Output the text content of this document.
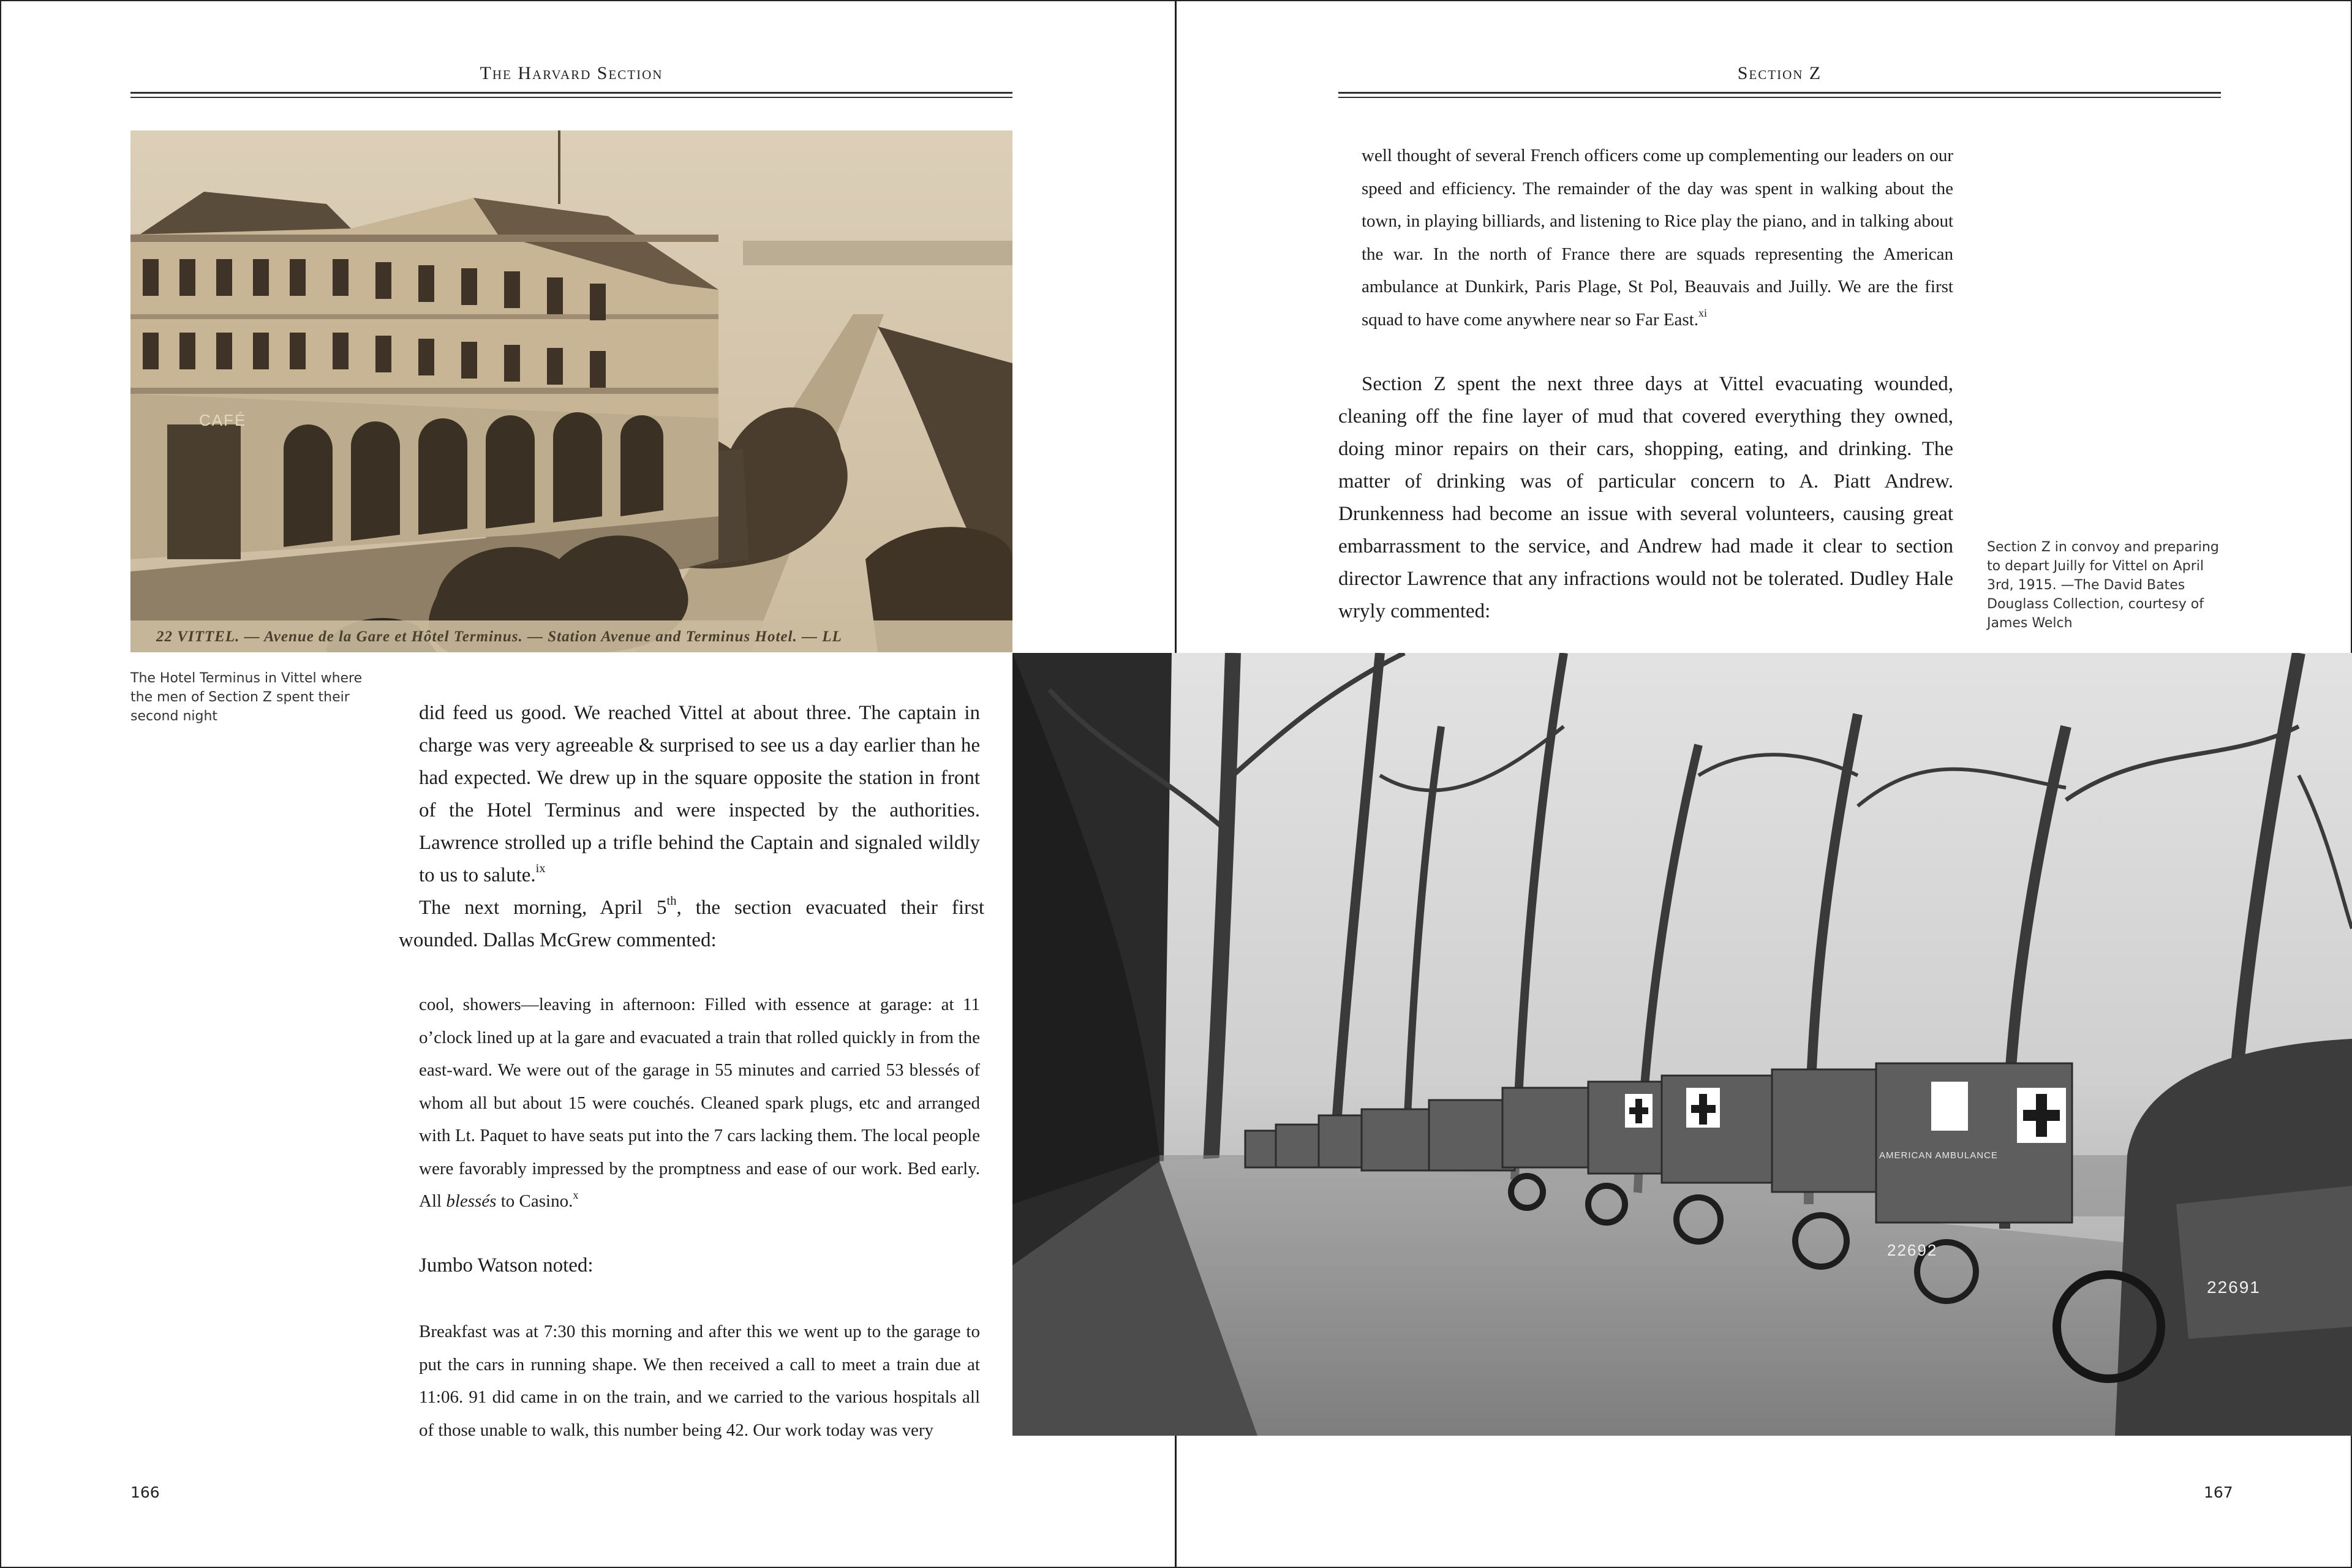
The Harvard Section
CAFÉ
22 VITTEL. — Avenue de la Gare et Hôtel Terminus. — Station Avenue and Terminus Hotel. — LL
The Hotel Terminus in Vittel where the men of Section Z spent their second night	did feed us good. We reached Vittel at about three. The captain in charge was very agreeable & surprised to see us a day earlier than he had expected. We drew up in the square opposite the station in front of the Hotel Terminus and were inspected by the authorities. Lawrence strolled up a trifle behind the Captain and signaled wildly to us to salute.$^{ix}$
The next morning, April 5th, the section evacuated their first wounded. Dallas McGrew commented:
cool, showers—leaving in afternoon: Filled with essence at garage: at 11 o’clock lined up at la gare and evacuated a train that rolled quickly in from the east-ward. We were out of the garage in 55 minutes and carried 53 blessés of whom all but about 15 were couchés. Cleaned spark plugs, etc and arranged with Lt. Paquet to have seats put into the 7 cars lacking them. The local people were favorably impressed by the promptness and ease of our work. Bed early. All blessés to Casino.$^x$
Jumbo Watson noted:
Breakfast was at 7:30 this morning and after this we went up to the garage to put the cars in running shape. We then received a call to meet a train due at 11:06. 91 did came in on the train, and we carried to the various hospitals all of those unable to walk, this number being 42. Our work today was very
166
Section Z
well thought of several French officers come up complementing our leaders on our speed and efficiency. The remainder of the day was spent in walking about the town, in playing billiards, and listening to Rice play the piano, and in talking about the war. In the north of France there are squads representing the American ambulance at Dunkirk, Paris Plage, St Pol, Beauvais and Juilly. We are the first squad to have come anywhere near so Far East.$^{xi}$
Section Z spent the next three days at Vittel evacuating wounded, cleaning off the fine layer of mud that covered everything they owned, doing minor repairs on their cars, shopping, eating, and drinking. The matter of drinking was of particular concern to A. Piatt Andrew. Drunkenness had become an issue with several volunteers, causing great embarrassment to the service, and Andrew had made it clear to section director Lawrence that any infractions would not be tolerated. Dudley Hale wryly commented:
Section Z in convoy and preparing to depart Juilly for Vittel on April 3rd, 1915. —The David Bates Douglass Collection, courtesy of James Welch
22692
22691
AMERICAN AMBULANCE
167
